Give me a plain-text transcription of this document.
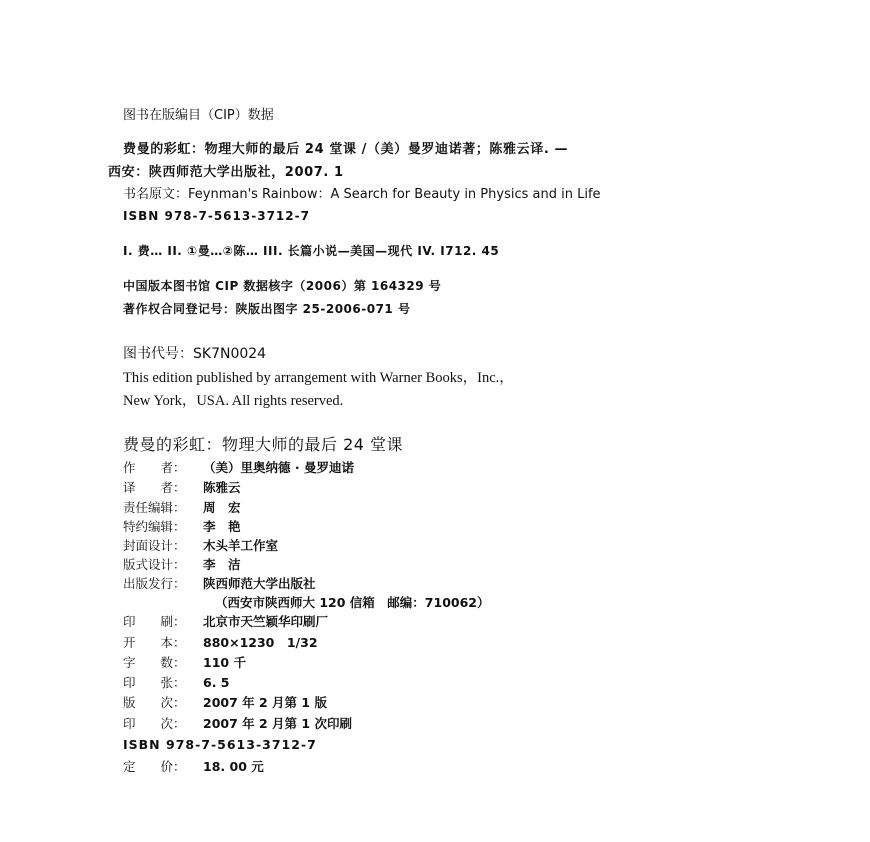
图书在版编目（CIP）数据
费曼的彩虹：物理大师的最后 24 堂课 /（美）曼罗迪诺著；陈雅云译. —
西安：陕西师范大学出版社，2007. 1
书名原文：Feynman's Rainbow：A Search for Beauty in Physics and in Life
ISBN 978-7-5613-3712-7
I. 费… II. ①曼…②陈… III. 长篇小说—美国—现代 IV. I712. 45
中国版本图书馆 CIP 数据核字（2006）第 164329 号
著作权合同登记号：陕版出图字 25-2006-071 号
图书代号：SK7N0024
This edition published by arrangement with Warner Books，Inc.，
New York，USA. All rights reserved.
费曼的彩虹：物理大师的最后 24 堂课
作　　者： （美）里奥纳德 · 曼罗迪诺
译　　者： 陈雅云
责任编辑： 周　宏
特约编辑： 李　艳
封面设计： 木头羊工作室
版式设计： 李　洁
出版发行： 陕西师范大学出版社
（西安市陕西师大 120 信箱　邮编：710062）
印　　刷： 北京市天竺颖华印刷厂
开　　本： 880×1230　1/32
字　　数： 110 千
印　　张： 6. 5
版　　次： 2007 年 2 月第 1 版
印　　次： 2007 年 2 月第 1 次印刷
ISBN 978-7-5613-3712-7
定　　价： 18. 00 元
